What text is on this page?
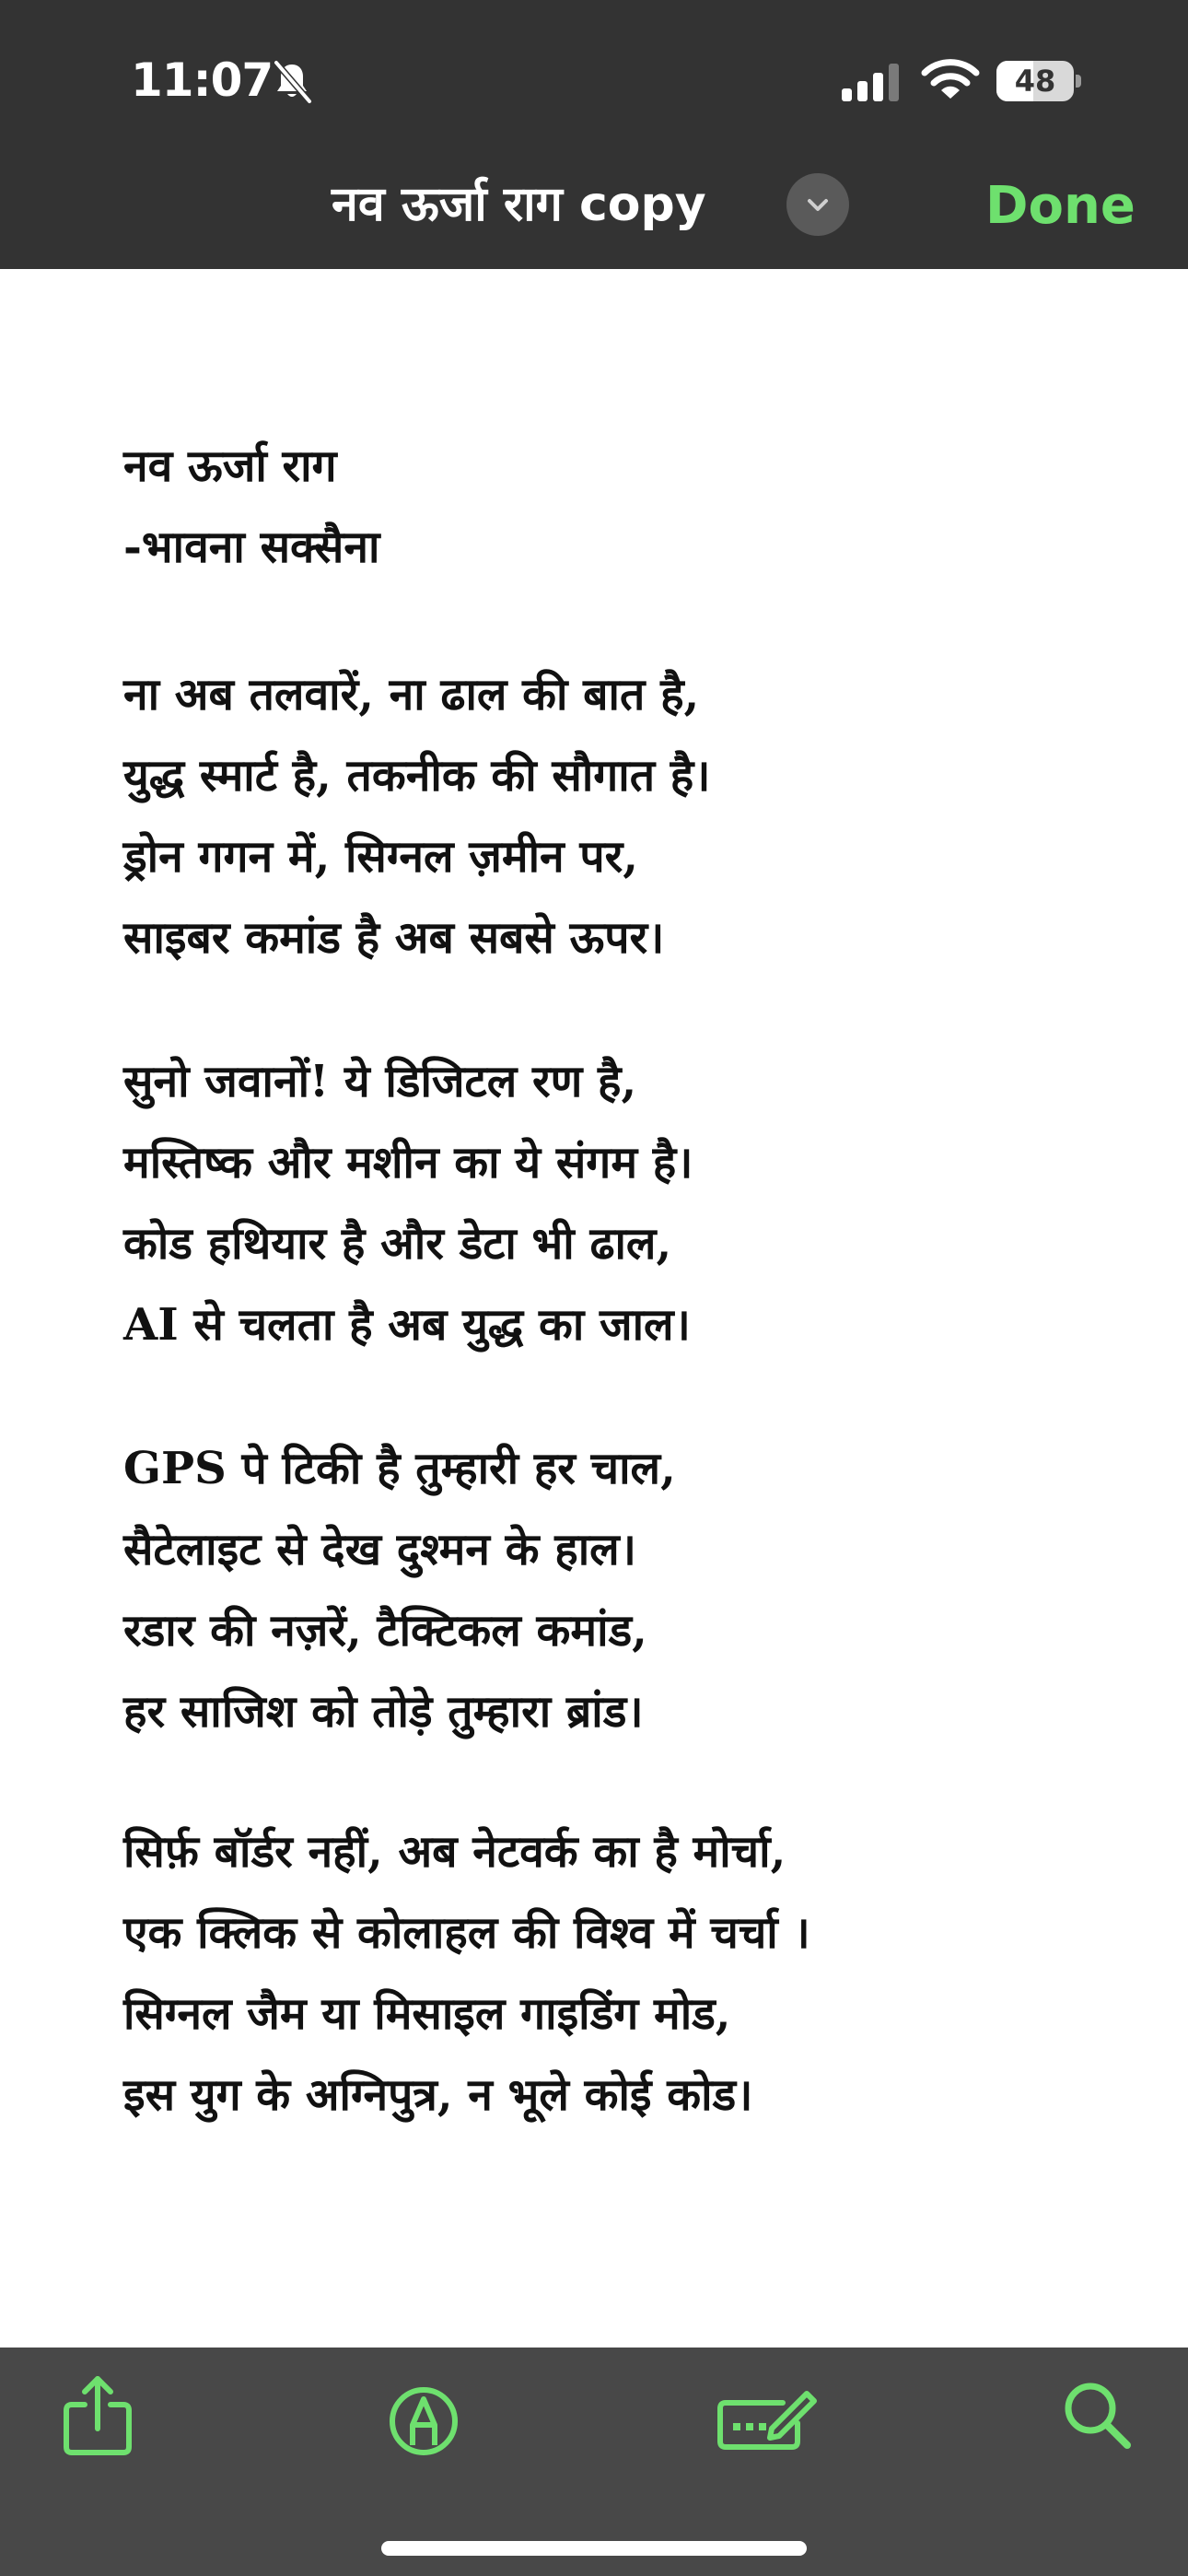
11:07	48
नव ऊर्जा राग copy	Done
नव ऊर्जा राग
-भावना सक्सैना
ना अब तलवारें, ना ढाल की बात है,
युद्ध स्मार्ट है, तकनीक की सौगात है।
ड्रोन गगन में, सिग्नल ज़मीन पर,
साइबर कमांड है अब सबसे ऊपर।
सुनो जवानों! ये डिजिटल रण है,
मस्तिष्क और मशीन का ये संगम है।
कोड हथियार है और डेटा भी ढाल,
AI से चलता है अब युद्ध का जाल।
GPS पे टिकी है तुम्हारी हर चाल,
सैटेलाइट से देख दुश्मन के हाल।
रडार की नज़रें, टैक्टिकल कमांड,
हर साजिश को तोड़े तुम्हारा ब्रांड।
सिर्फ़ बॉर्डर नहीं, अब नेटवर्क का है मोर्चा,
एक क्लिक से कोलाहल की विश्व में चर्चा ।
सिग्नल जैम या मिसाइल गाइडिंग मोड,
इस युग के अग्निपुत्र, न भूले कोई कोड।
